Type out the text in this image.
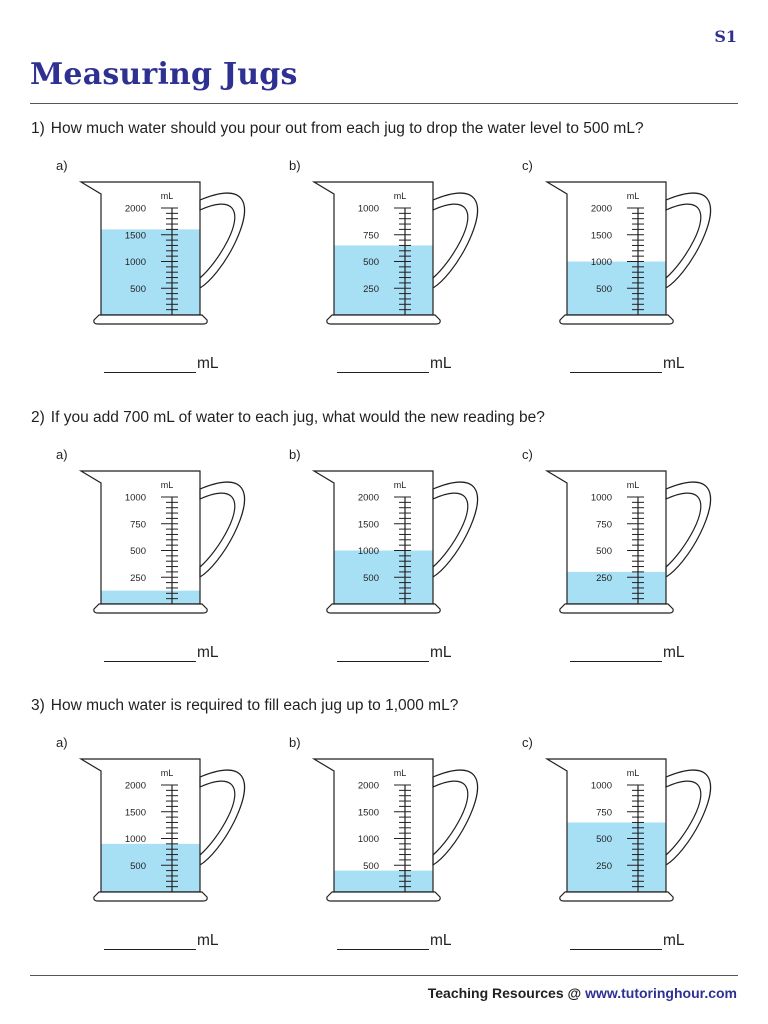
S1
Measuring Jugs
1) How much water should you pour out from each jug to drop the water level to 500 mL?
a)
mL
2000
1500
1000
500
mL
b)
mL
1000
750
500
250
mL
c)
mL
2000
1500
1000
500
mL
2) If you add 700 mL of water to each jug, what would the new reading be?
a)
mL
1000
750
500
250
mL
b)
mL
2000
1500
1000
500
mL
c)
mL
1000
750
500
250
mL
3) How much water is required to fill each jug up to 1,000 mL?
a)
mL
2000
1500
1000
500
mL
b)
mL
2000
1500
1000
500
mL
c)
mL
1000
750
500
250
mL
Teaching Resources @ www.tutoringhour.com
